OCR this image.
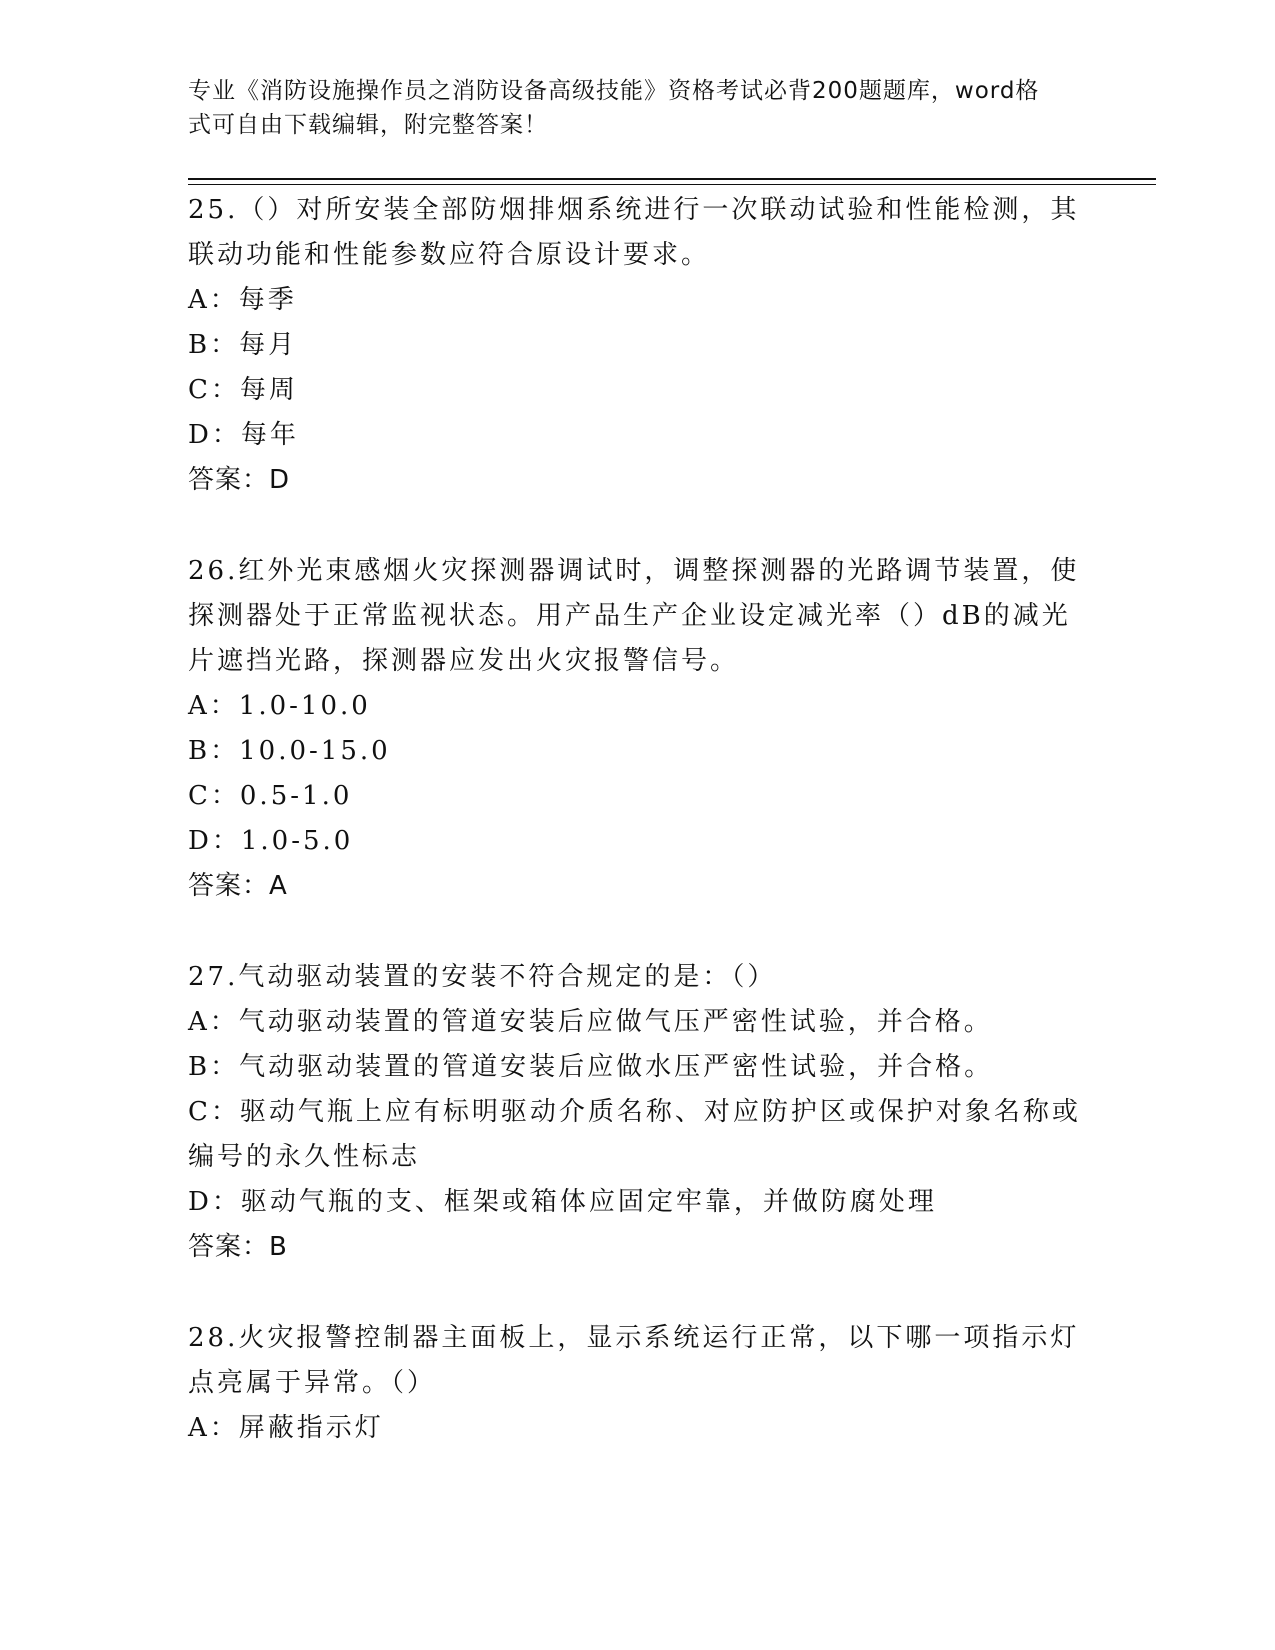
专业《消防设施操作员之消防设备高级技能》资格考试必背200题题库，word格
式可自由下载编辑，附完整答案！

25.（）对所安装全部防烟排烟系统进行一次联动试验和性能检测，其

联动功能和性能参数应符合原设计要求。

A：每季

B：每月

C：每周

D：每年

答案：D

26.红外光束感烟火灾探测器调试时，调整探测器的光路调节装置，使

探测器处于正常监视状态。用产品生产企业设定减光率（）dB的减光

片遮挡光路，探测器应发出火灾报警信号。

A：1.0-10.0

B：10.0-15.0

C：0.5-1.0

D：1.0-5.0

答案：A

27.气动驱动装置的安装不符合规定的是：（）

A：气动驱动装置的管道安装后应做气压严密性试验，并合格。

B：气动驱动装置的管道安装后应做水压严密性试验，并合格。

C：驱动气瓶上应有标明驱动介质名称、对应防护区或保护对象名称或

编号的永久性标志

D：驱动气瓶的支、框架或箱体应固定牢靠，并做防腐处理

答案：B

28.火灾报警控制器主面板上，显示系统运行正常，以下哪一项指示灯

点亮属于异常。（）

A：屏蔽指示灯
